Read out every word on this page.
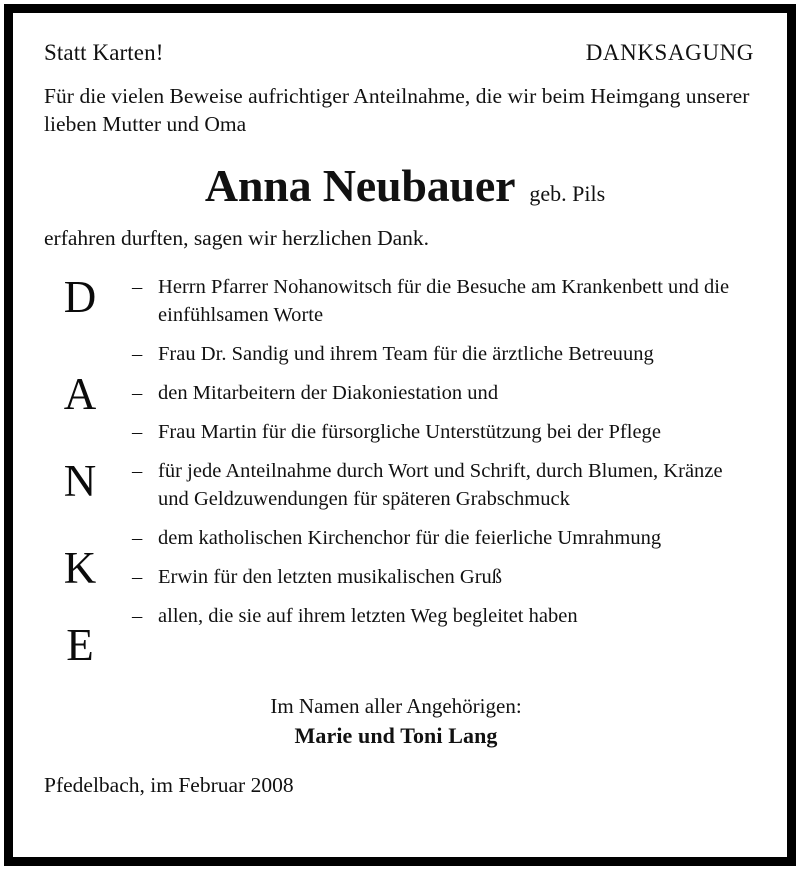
Statt Karten!	DANKSAGUNG

Für die vielen Beweise aufrichtiger Anteilnahme, die wir beim Heimgang unserer lieben Mutter und Oma

Anna Neubauer geb. Pils

erfahren durften, sagen wir herzlichen Dank.

D
A
N
K
E
– Herrn Pfarrer Nohanowitsch für die Besuche am Krankenbett und die einfühlsamen Worte
– Frau Dr. Sandig und ihrem Team für die ärztliche Betreuung
– den Mitarbeitern der Diakoniestation und
– Frau Martin für die fürsorgliche Unterstützung bei der Pflege
– für jede Anteilnahme durch Wort und Schrift, durch Blumen, Kränze und Geldzuwendungen für späteren Grabschmuck
– dem katholischen Kirchenchor für die feierliche Umrahmung
– Erwin für den letzten musikalischen Gruß
– allen, die sie auf ihrem letzten Weg begleitet haben
Im Namen aller Angehörigen:
Marie und Toni Lang
Pfedelbach, im Februar 2008
